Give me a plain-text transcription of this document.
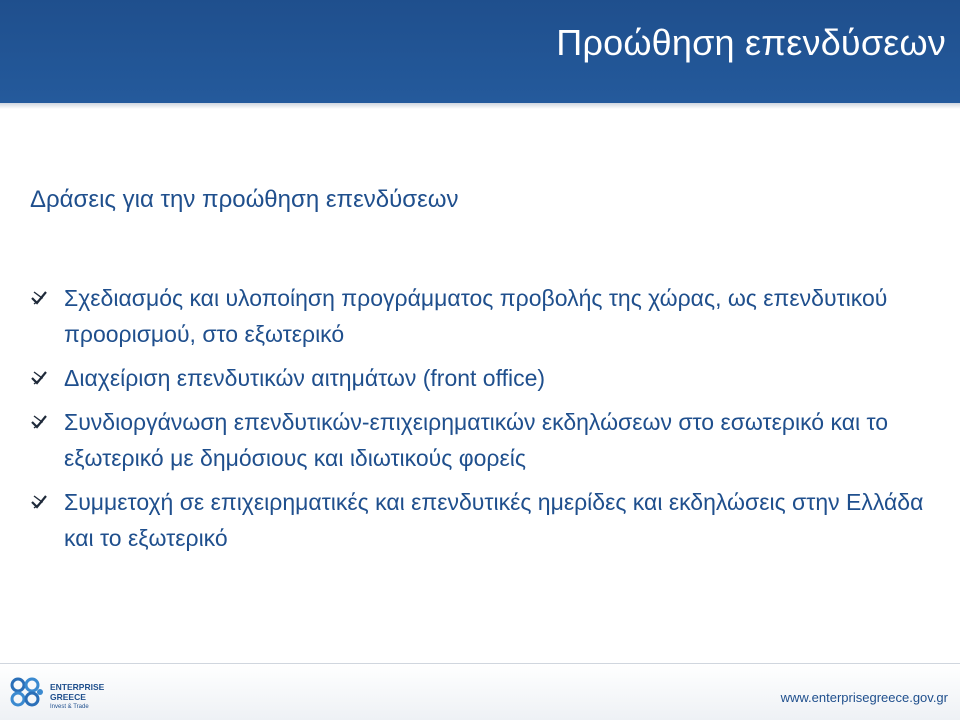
Προώθηση επενδύσεων
Δράσεις για την προώθηση επενδύσεων
Σχεδιασμός και υλοποίηση προγράμματος προβολής της χώρας, ως επενδυτικού προορισμού, στο εξωτερικό
Διαχείριση επενδυτικών αιτημάτων (front office)
Συνδιοργάνωση επενδυτικών-επιχειρηματικών εκδηλώσεων στο εσωτερικό και το εξωτερικό με δημόσιους και ιδιωτικούς φορείς
Συμμετοχή σε επιχειρηματικές και επενδυτικές ημερίδες και εκδηλώσεις στην Ελλάδα και το εξωτερικό
ENTERPRISE
GREECE
Invest & Trade
www.enterprisegreece.gov.gr
